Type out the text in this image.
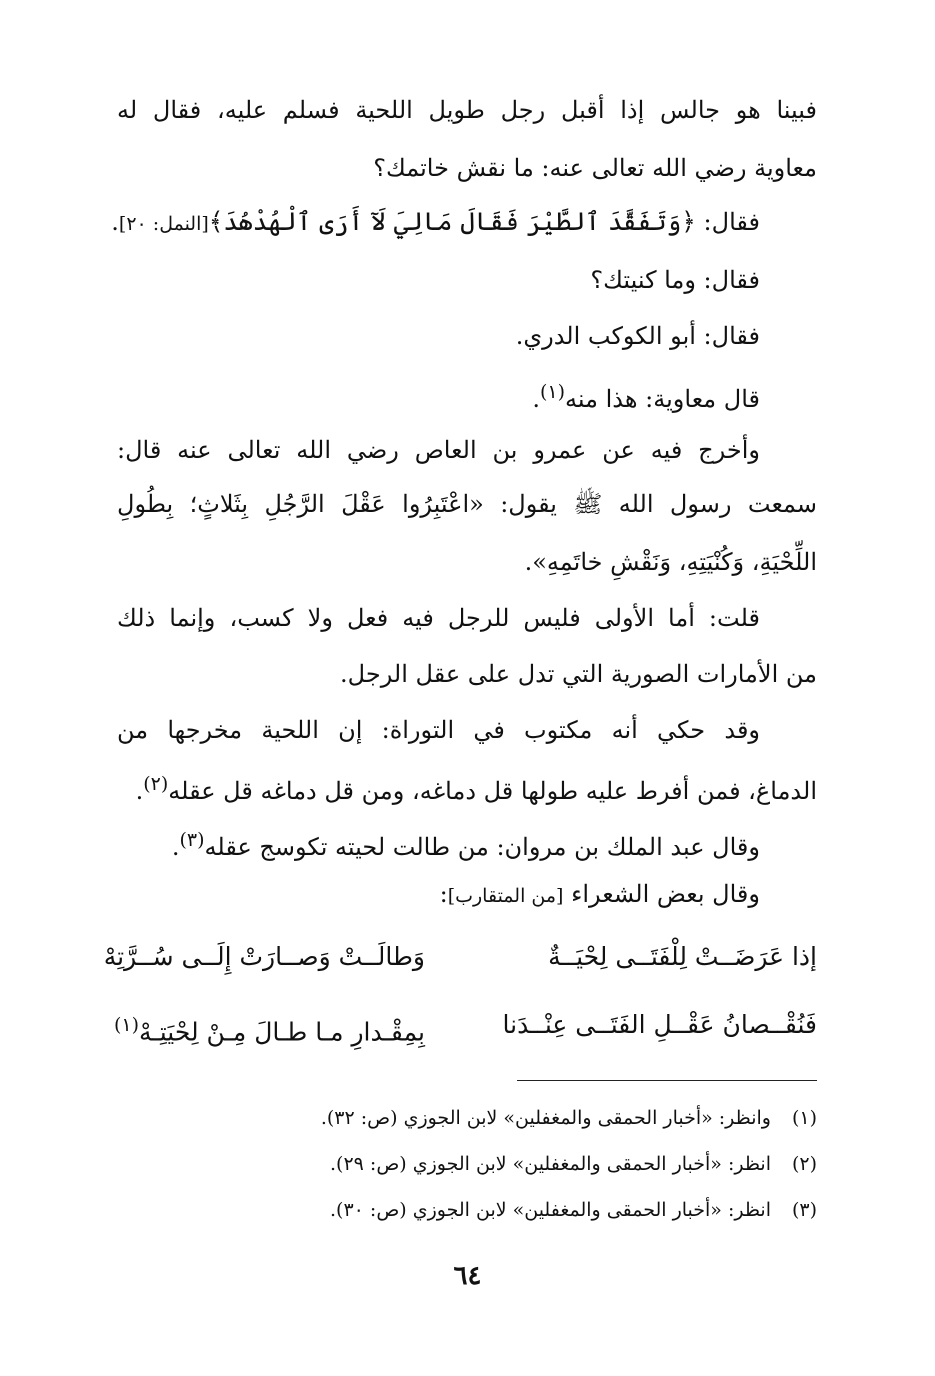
فبينا هو جالس إذا أقبل رجل طويل اللحية فسلم عليه، فقال له
معاوية رضي الله تعالى عنه: ما نقش خاتمك؟
فقال: ﴿وَتَفَقَّدَ ٱلطَّيْرَ فَقَالَ مَالِيَ لَآ أَرَى ٱلْهُدْهُدَ﴾[النمل: ٢٠].
فقال: وما كنيتك؟
فقال: أبو الكوكب الدري.
قال معاوية: هذا منه$^{(١)}$.
وأخرج فيه عن عمرو بن العاص رضي الله تعالى عنه قال:
سمعت رسول الله ﷺ يقول: «اعْتَبِرُوا عَقْلَ الرَّجُلِ بِثَلاثٍ؛ بِطُولِ
اللِّحْيَةِ، وَكُنْيَتِهِ، وَنَقْشِ خاتَمِهِ».
قلت: أما الأولى فليس للرجل فيه فعل ولا كسب، وإنما ذلك
من الأمارات الصورية التي تدل على عقل الرجل.
وقد حكي أنه مكتوب في التوراة: إن اللحية مخرجها من
الدماغ، فمن أفرط عليه طولها قل دماغه، ومن قل دماغه قل عقله$^{(٢)}$.
وقال عبد الملك بن مروان: من طالت لحيته تكوسج عقله$^{(٣)}$.
وقال بعض الشعراء [من المتقارب]:
إذا عَرَضَــتْ لِلْفَتَــى لِحْيَــةٌ
وَطالَــتْ وَصــارَتْ إِلَــى سُــرَّتِهْ
فَنُقْــصانُ عَقْــلِ الفَتَــى عِنْــدَنا
بِمِقْـدارِ مـا طـالَ مِـنْ لِحْيَتِـهْ$^{(١)}$
(١)وانظر: «أخبار الحمقى والمغفلين» لابن الجوزي (ص: ٣٢).
(٢)انظر: «أخبار الحمقى والمغفلين» لابن الجوزي (ص: ٢٩).
(٣)انظر: «أخبار الحمقى والمغفلين» لابن الجوزي (ص: ٣٠).
٦٤
